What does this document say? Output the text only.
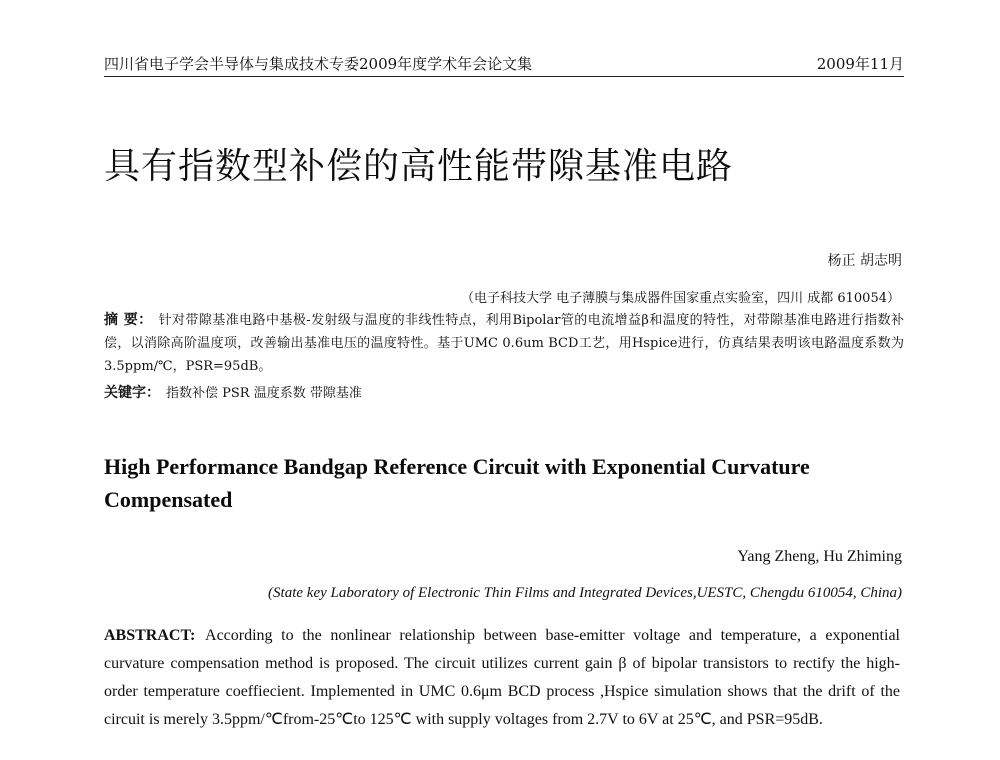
四川省电子学会半导体与集成技术专委2009年度学术年会论文集	2009年11月
具有指数型补偿的高性能带隙基准电路
杨正 胡志明
（电子科技大学 电子薄膜与集成器件国家重点实验室，四川 成都 610054）
摘 要： 针对带隙基准电路中基极-发射级与温度的非线性特点，利用Bipolar管的电流增益β和温度的特性，对带隙基准电路进行指数补偿，以消除高阶温度项，改善输出基准电压的温度特性。基于UMC 0.6um BCD工艺，用Hspice进行，仿真结果表明该电路温度系数为3.5ppm/℃，PSR=95dB。
关键字： 指数补偿 PSR 温度系数 带隙基准
High Performance Bandgap Reference Circuit with Exponential Curvature Compensated
Yang Zheng, Hu Zhiming
(State key Laboratory of Electronic Thin Films and Integrated Devices,UESTC, Chengdu 610054, China)
ABSTRACT: According to the nonlinear relationship between base-emitter voltage and temperature, a exponential curvature compensation method is proposed. The circuit utilizes current gain β of bipolar transistors to rectify the high-order temperature coeffiecient. Implemented in UMC 0.6μm BCD process ,Hspice simulation shows that the drift of the circuit is merely 3.5ppm/℃from-25℃to 125℃ with supply voltages from 2.7V to 6V at 25℃, and PSR=95dB.
